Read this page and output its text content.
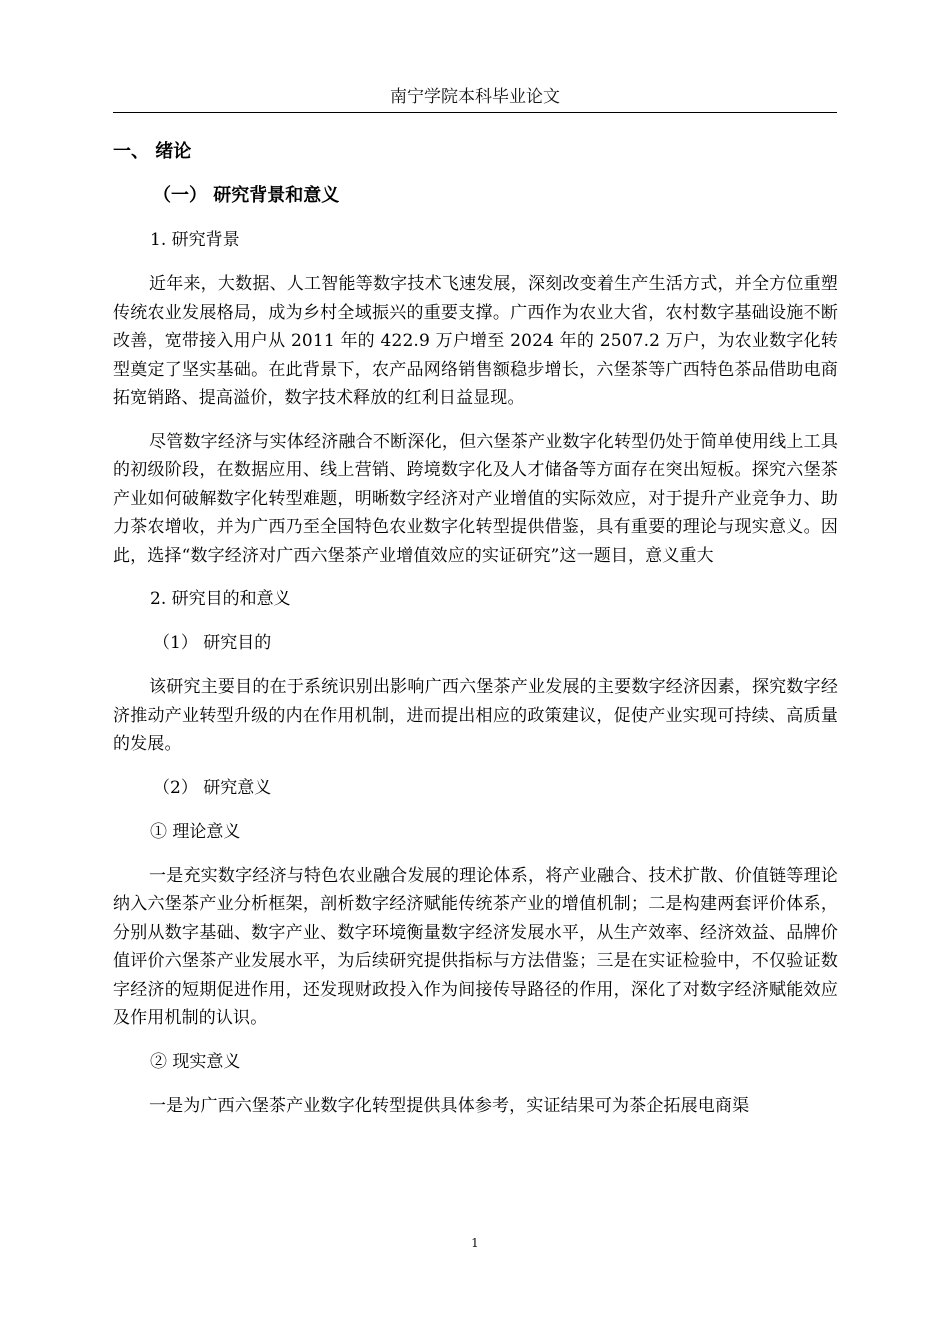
南宁学院本科毕业论文
一、 绪论
（一） 研究背景和意义
1. 研究背景

近年来，大数据、人工智能等数字技术飞速发展，深刻改变着生产生活方式，并全方位重塑传统农业发展格局，成为乡村全域振兴的重要支撑。广西作为农业大省，农村数字基础设施不断改善，宽带接入用户从 2011 年的 422.9 万户增至 2024 年的 2507.2 万户，为农业数字化转型奠定了坚实基础。在此背景下，农产品网络销售额稳步增长，六堡茶等广西特色茶品借助电商拓宽销路、提高溢价，数字技术释放的红利日益显现。

尽管数字经济与实体经济融合不断深化，但六堡茶产业数字化转型仍处于简单使用线上工具的初级阶段，在数据应用、线上营销、跨境数字化及人才储备等方面存在突出短板。探究六堡茶产业如何破解数字化转型难题，明晰数字经济对产业增值的实际效应，对于提升产业竞争力、助力茶农增收，并为广西乃至全国特色农业数字化转型提供借鉴，具有重要的理论与现实意义。因此，选择“数字经济对广西六堡茶产业增值效应的实证研究”这一题目，意义重大

2. 研究目的和意义
（1） 研究目的

该研究主要目的在于系统识别出影响广西六堡茶产业发展的主要数字经济因素，探究数字经济推动产业转型升级的内在作用机制，进而提出相应的政策建议，促使产业实现可持续、高质量的发展。

（2） 研究意义
① 理论意义

一是充实数字经济与特色农业融合发展的理论体系，将产业融合、技术扩散、价值链等理论纳入六堡茶产业分析框架，剖析数字经济赋能传统茶产业的增值机制；二是构建两套评价体系，分别从数字基础、数字产业、数字环境衡量数字经济发展水平，从生产效率、经济效益、品牌价值评价六堡茶产业发展水平，为后续研究提供指标与方法借鉴；三是在实证检验中，不仅验证数字经济的短期促进作用，还发现财政投入作为间接传导路径的作用，深化了对数字经济赋能效应及作用机制的认识。

② 现实意义

一是为广西六堡茶产业数字化转型提供具体参考，实证结果可为茶企拓展电商渠

1
